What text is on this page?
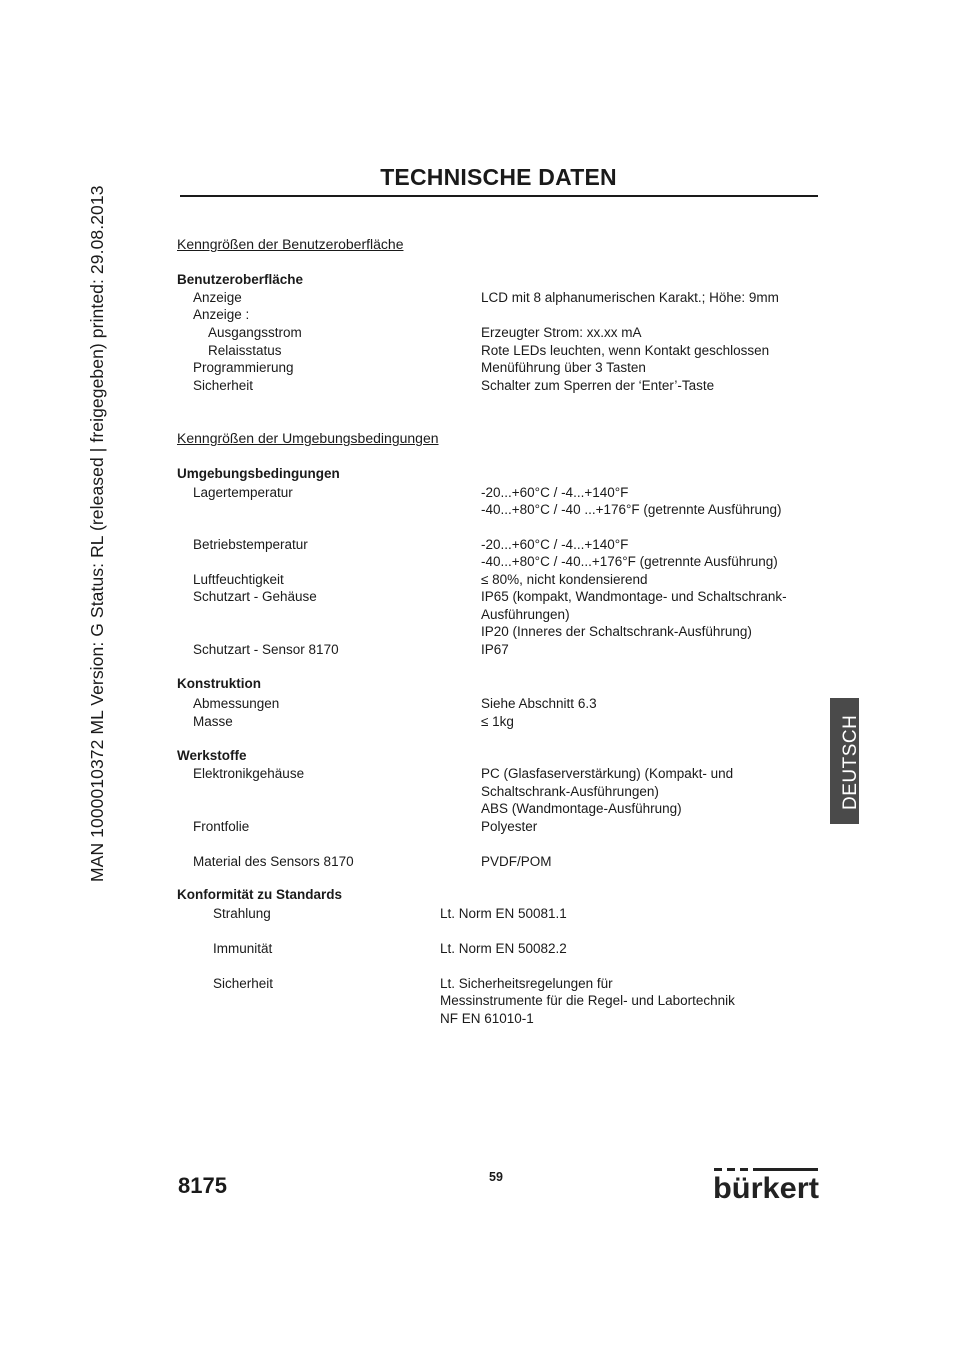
MAN 1000010372 ML Version: G Status: RL (released | freigegeben) printed: 29.08.2013
TECHNISCHE DATEN
Kenngrößen der Benutzeroberfläche
Benutzeroberfläche
Anzeige	LCD mit 8 alphanumerischen Karakt.; Höhe: 9mm
Anzeige :
Ausgangsstrom	Erzeugter Strom: xx.xx mA
Relaisstatus	Rote LEDs leuchten, wenn Kontakt geschlossen
Programmierung	Menüführung über 3 Tasten
Sicherheit	Schalter zum Sperren der ‘Enter’-Taste
Kenngrößen der Umgebungsbedingungen
Umgebungsbedingungen
Lagertemperatur	-20...+60°C / -4...+140°F
-40...+80°C / -40 ...+176°F (getrennte Ausführung)
Betriebstemperatur	-20...+60°C / -4...+140°F
-40...+80°C / -40...+176°F (getrennte Ausführung)
Luftfeuchtigkeit	≤ 80%, nicht kondensierend
Schutzart - Gehäuse	IP65 (kompakt, Wandmontage- und Schaltschrank-
Ausführungen)
IP20 (Inneres der Schaltschrank-Ausführung)
Schutzart - Sensor 8170	IP67
Konstruktion
Abmessungen	Siehe Abschnitt 6.3
Masse	≤ 1kg
Werkstoffe
Elektronikgehäuse	PC (Glasfaserverstärkung) (Kompakt- und
Schaltschrank-Ausführungen)
ABS (Wandmontage-Ausführung)
Frontfolie	Polyester
Material des Sensors 8170	PVDF/POM
Konformität zu Standards
Strahlung	Lt. Norm EN 50081.1
Immunität	Lt. Norm EN 50082.2
Sicherheit	Lt. Sicherheitsregelungen für
Messinstrumente für die Regel- und Labortechnik
NF EN 61010-1
DEUTSCH
8175	59	bürkert
